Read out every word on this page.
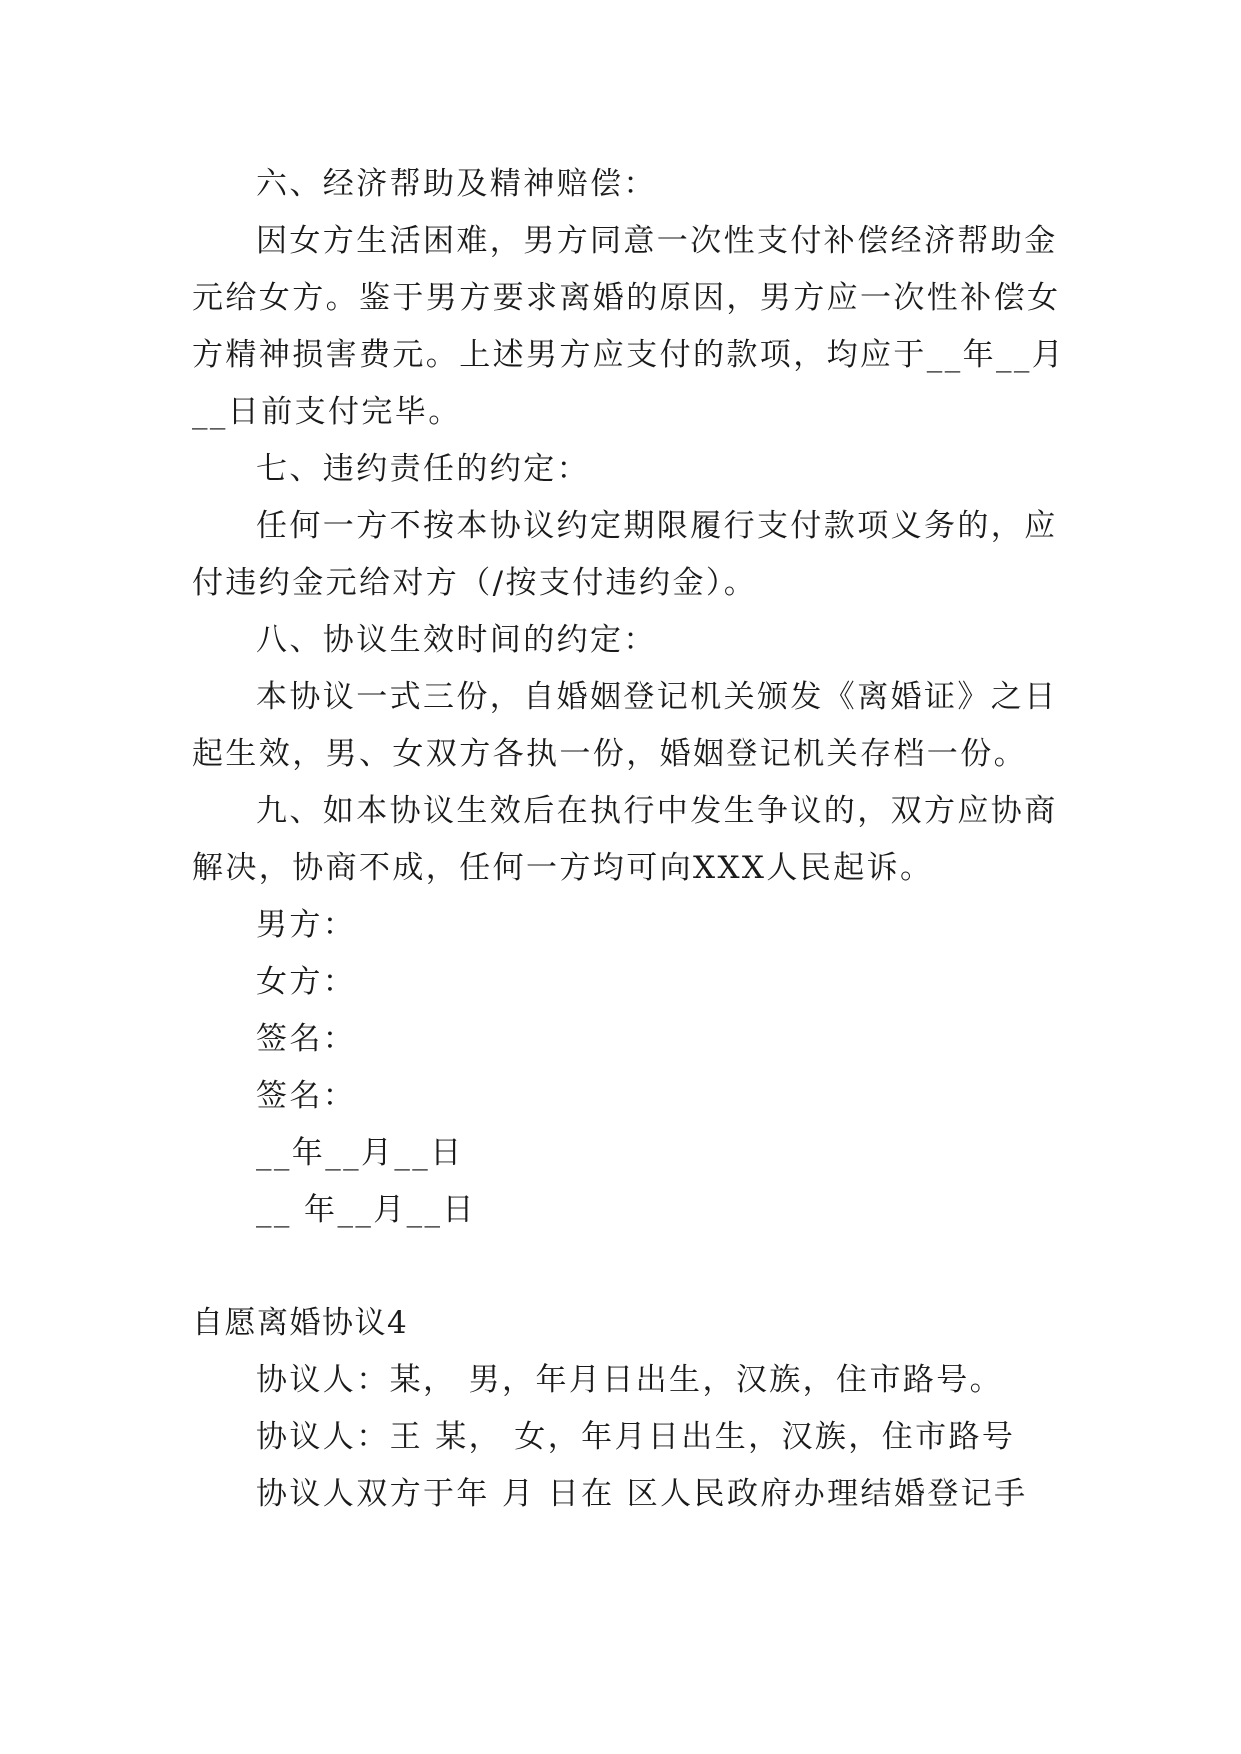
六、经济帮助及精神赔偿：

因女方生活困难，男方同意一次性支付补偿经济帮助金

元给女方。鉴于男方要求离婚的原因，男方应一次性补偿女

方精神损害费元。上述男方应支付的款项，均应于__年__月

__日前支付完毕。

七、违约责任的约定：

任何一方不按本协议约定期限履行支付款项义务的，应

付违约金元给对方（/按支付违约金）。

八、协议生效时间的约定：

本协议一式三份，自婚姻登记机关颁发《离婚证》之日

起生效，男、女双方各执一份，婚姻登记机关存档一份。

九、如本协议生效后在执行中发生争议的，双方应协商

解决，协商不成，任何一方均可向XXX人民起诉。

男方：

女方：

签名：

签名：

__年__月__日

__ 年__月__日

自愿离婚协议4

协议人：某， 男，年月日出生，汉族，住市路号。

协议人：王 某， 女，年月日出生，汉族，住市路号

协议人双方于年 月 日在 区人民政府办理结婚登记手
